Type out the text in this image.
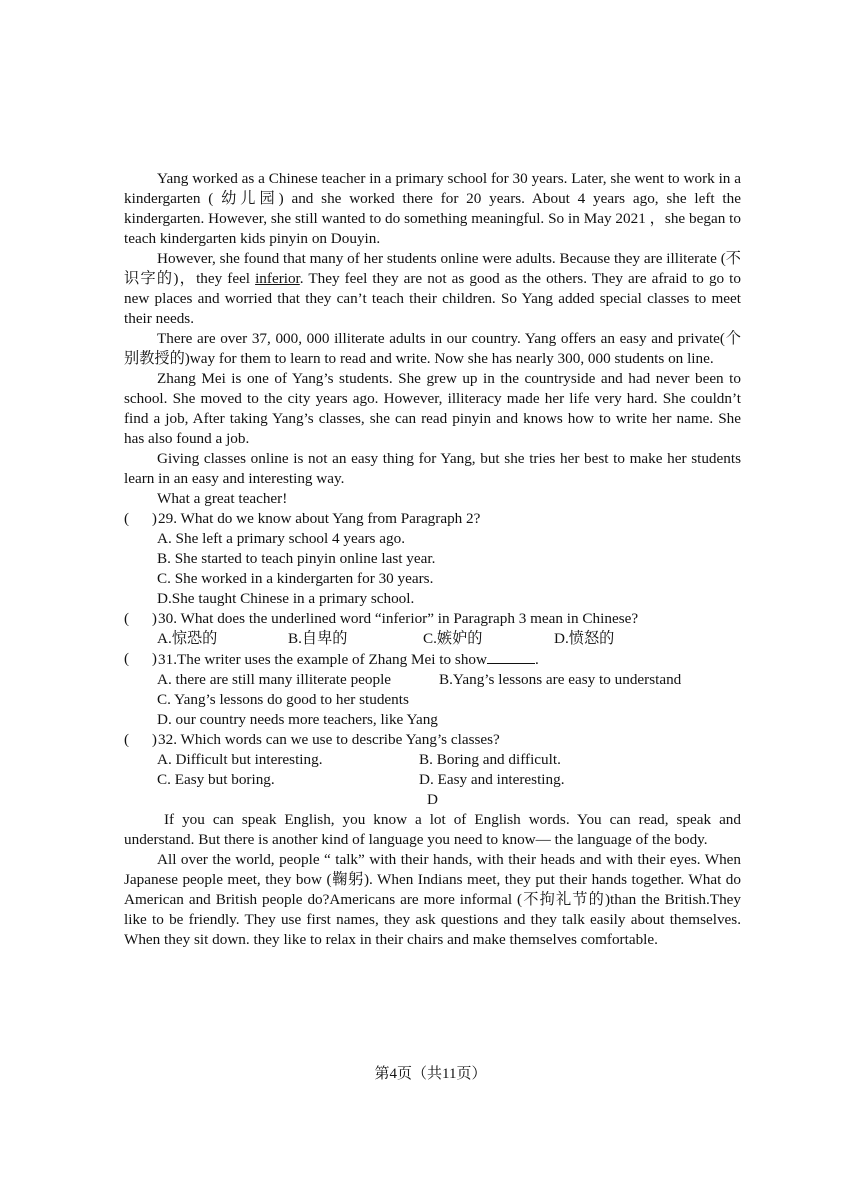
Yang worked as a Chinese teacher in a primary school for 30 years. Later, she went to work in a kindergarten ( 幼儿园) and she worked there for 20 years. About 4 years ago, she left the kindergarten. However, she still wanted to do something meaningful. So in May 2021 ，she began to teach kindergarten kids pinyin on Douyin.

However, she found that many of her students online were adults. Because they are illiterate (不识字的)，they feel inferior. They feel they are not as good as the others. They are afraid to go to new places and worried that they can’t teach their children. So Yang added special classes to meet their needs.

There are over 37, 000, 000 illiterate adults in our country. Yang offers an easy and private(个别教授的)way for them to learn to read and write. Now she has nearly 300, 000 students on line.

Zhang Mei is one of Yang’s students. She grew up in the countryside and had never been to school. She moved to the city years ago. However, illiteracy made her life very hard. She couldn’t find a job, After taking Yang’s classes, she can read pinyin and knows how to write her name. She has also found a job.

Giving classes online is not an easy thing for Yang, but she tries her best to make her students learn in an easy and interesting way.

What a great teacher!

(      ) 29. What do we know about Yang from Paragraph 2?

A. She left a primary school 4 years ago.

B. She started to teach pinyin online last year.

C. She worked in a kindergarten for 30 years.

D.She taught Chinese in a primary school.

(      ) 30. What does the underlined word “inferior” in Paragraph 3 mean in Chinese?
A.惊恐的	B.自卑的	C.嫉妒的	D.愤怒的
(      ) 31.The writer uses the example of Zhang Mei to show	.
A. there are still many illiterate people	B.Yang’s lessons are easy to understand

C. Yang’s lessons do good to her students

D. our country needs more teachers, like Yang

(      ) 32. Which words can we use to describe Yang’s classes?
A. Difficult but interesting.	B. Boring and difficult.
C. Easy but boring.	D. Easy and interesting.

D

If you can speak English, you know a lot of English words. You can read, speak and understand. But there is another kind of language you need to know— the language of the body.

All over the world, people “ talk” with their hands, with their heads and with their eyes. When Japanese people meet, they bow (鞠躬). When Indians meet, they put their hands together. What do American and British people do?Americans are more informal (不拘礼节的)than the British.They like to be friendly. They use first names, they ask questions and they talk easily about themselves. When they sit down. they like to relax in their chairs and make themselves comfortable.

第4页（共11页）
